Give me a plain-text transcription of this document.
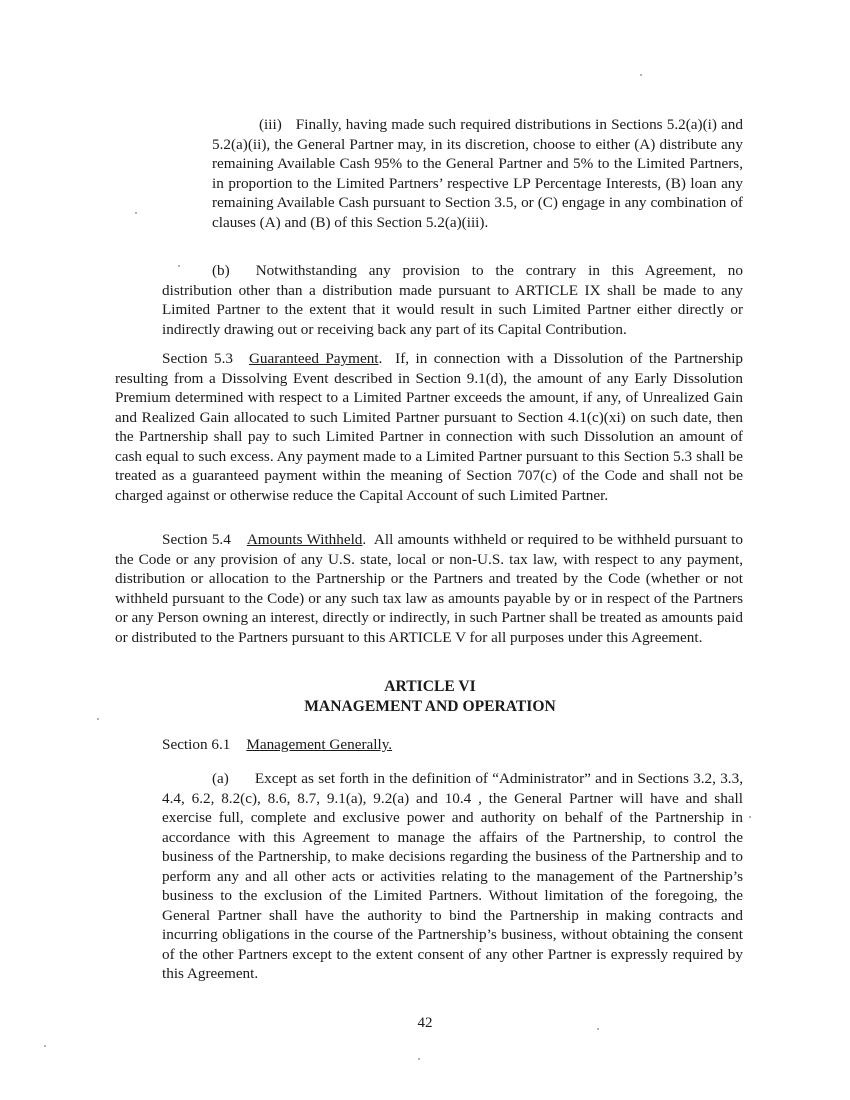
(iii) Finally, having made such required distributions in Sections 5.2(a)(i) and 5.2(a)(ii), the General Partner may, in its discretion, choose to either (A) distribute any remaining Available Cash 95% to the General Partner and 5% to the Limited Partners, in proportion to the Limited Partners’ respective LP Percentage Interests, (B) loan any remaining Available Cash pursuant to Section 3.5, or (C) engage in any combination of clauses (A) and (B) of this Section 5.2(a)(iii).

(b) Notwithstanding any provision to the contrary in this Agreement, no distribution other than a distribution made pursuant to ARTICLE IX shall be made to any Limited Partner to the extent that it would result in such Limited Partner either directly or indirectly drawing out or receiving back any part of its Capital Contribution.

Section 5.3 Guaranteed Payment.  If, in connection with a Dissolution of the Partnership resulting from a Dissolving Event described in Section 9.1(d), the amount of any Early Dissolution Premium determined with respect to a Limited Partner exceeds the amount, if any, of Unrealized Gain and Realized Gain allocated to such Limited Partner pursuant to Section 4.1(c)(xi) on such date, then the Partnership shall pay to such Limited Partner in connection with such Dissolution an amount of cash equal to such excess. Any payment made to a Limited Partner pursuant to this Section 5.3 shall be treated as a guaranteed payment within the meaning of Section 707(c) of the Code and shall not be charged against or otherwise reduce the Capital Account of such Limited Partner.

Section 5.4 Amounts Withheld.  All amounts withheld or required to be withheld pursuant to the Code or any provision of any U.S. state, local or non-U.S. tax law, with respect to any payment, distribution or allocation to the Partnership or the Partners and treated by the Code (whether or not withheld pursuant to the Code) or any such tax law as amounts payable by or in respect of the Partners or any Person owning an interest, directly or indirectly, in such Partner shall be treated as amounts paid or distributed to the Partners pursuant to this ARTICLE V for all purposes under this Agreement.

ARTICLE VI
MANAGEMENT AND OPERATION

Section 6.1 Management Generally.

(a) Except as set forth in the definition of “Administrator” and in Sections 3.2, 3.3, 4.4, 6.2, 8.2(c), 8.6, 8.7, 9.1(a), 9.2(a) and 10.4 , the General Partner will have and shall exercise full, complete and exclusive power and authority on behalf of the Partnership in accordance with this Agreement to manage the affairs of the Partnership, to control the business of the Partnership, to make decisions regarding the business of the Partnership and to perform any and all other acts or activities relating to the management of the Partnership’s business to the exclusion of the Limited Partners. Without limitation of the foregoing, the General Partner shall have the authority to bind the Partnership in making contracts and incurring obligations in the course of the Partnership’s business, without obtaining the consent of the other Partners except to the extent consent of any other Partner is expressly required by this Agreement.

42
